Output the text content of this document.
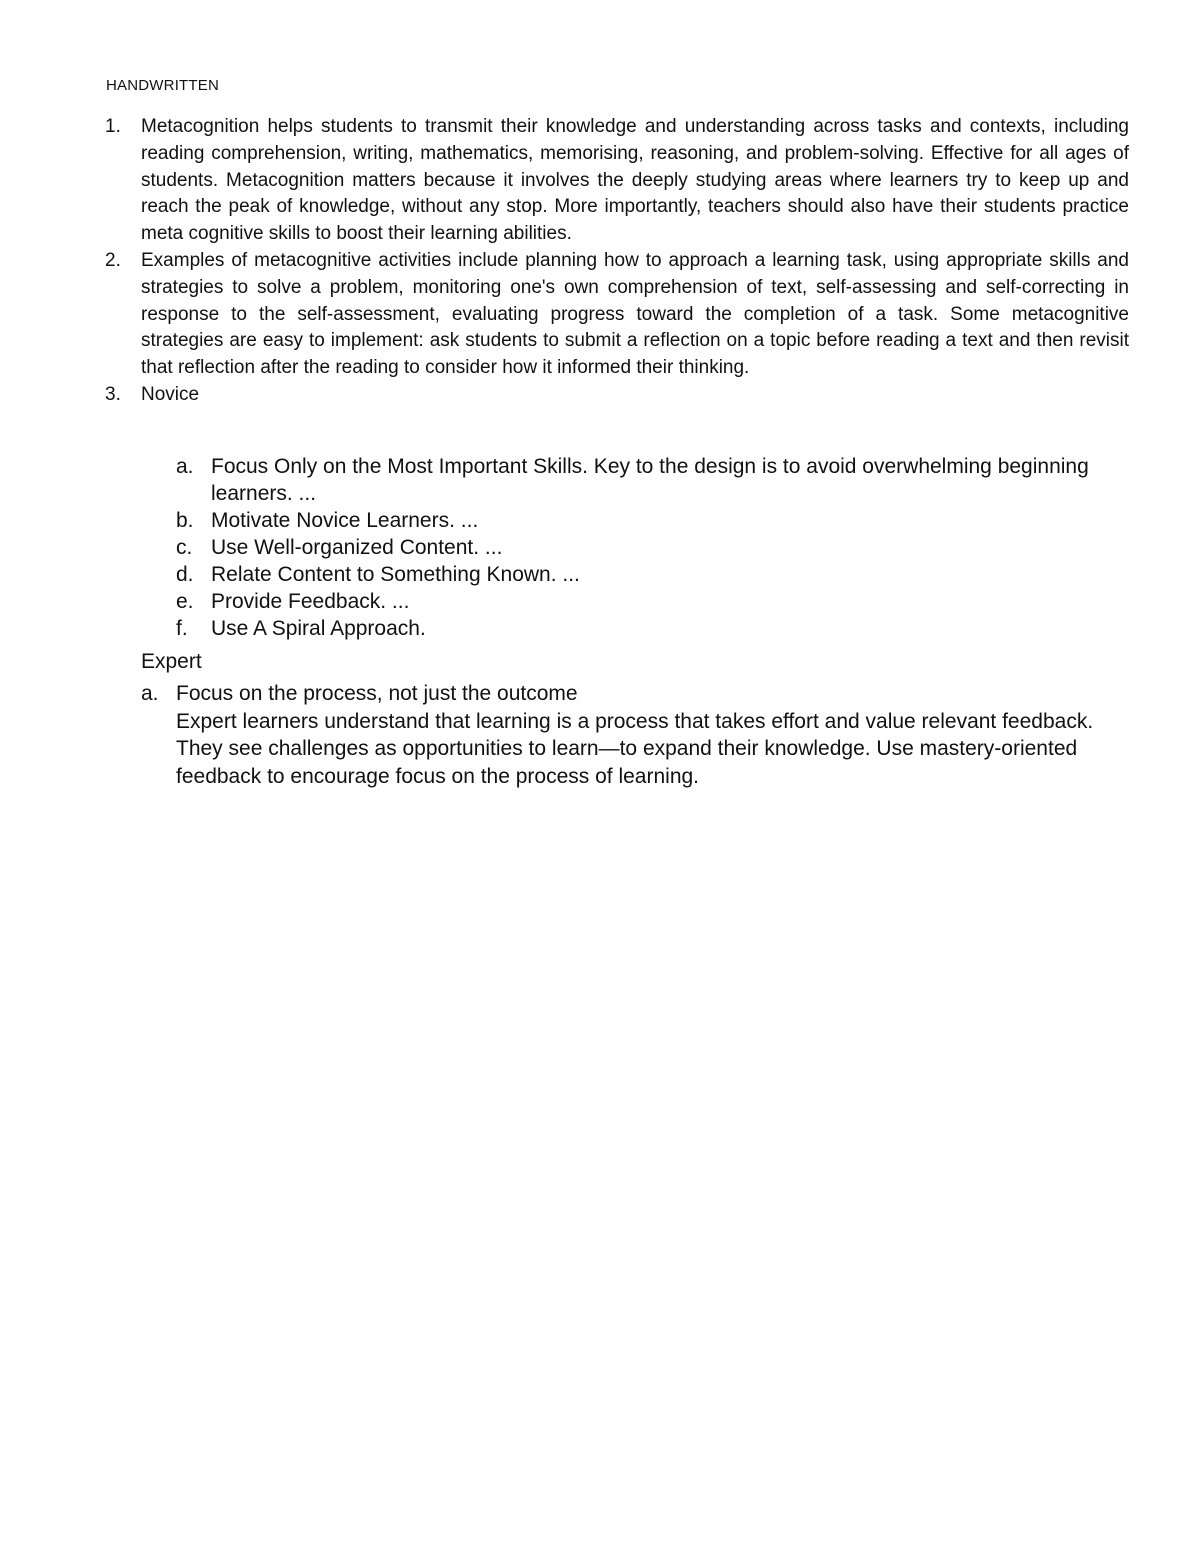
HANDWRITTEN
1. Metacognition helps students to transmit their knowledge and understanding across tasks and contexts, including reading comprehension, writing, mathematics, memorising, reasoning, and problem-solving. Effective for all ages of students. Metacognition matters because it involves the deeply studying areas where learners try to keep up and reach the peak of knowledge, without any stop. More importantly, teachers should also have their students practice meta cognitive skills to boost their learning abilities.
2. Examples of metacognitive activities include planning how to approach a learning task, using appropriate skills and strategies to solve a problem, monitoring one's own comprehension of text, self-assessing and self-correcting in response to the self-assessment, evaluating progress toward the completion of a task. Some metacognitive strategies are easy to implement: ask students to submit a reflection on a topic before reading a text and then revisit that reflection after the reading to consider how it informed their thinking.
3. Novice
a. Focus Only on the Most Important Skills. Key to the design is to avoid overwhelming beginning learners. ...
b. Motivate Novice Learners. ...
c. Use Well-organized Content. ...
d. Relate Content to Something Known. ...
e. Provide Feedback. ...
f. Use A Spiral Approach.
Expert
a. Focus on the process, not just the outcome
Expert learners understand that learning is a process that takes effort and value relevant feedback. They see challenges as opportunities to learn—to expand their knowledge. Use mastery-oriented feedback to encourage focus on the process of learning.
